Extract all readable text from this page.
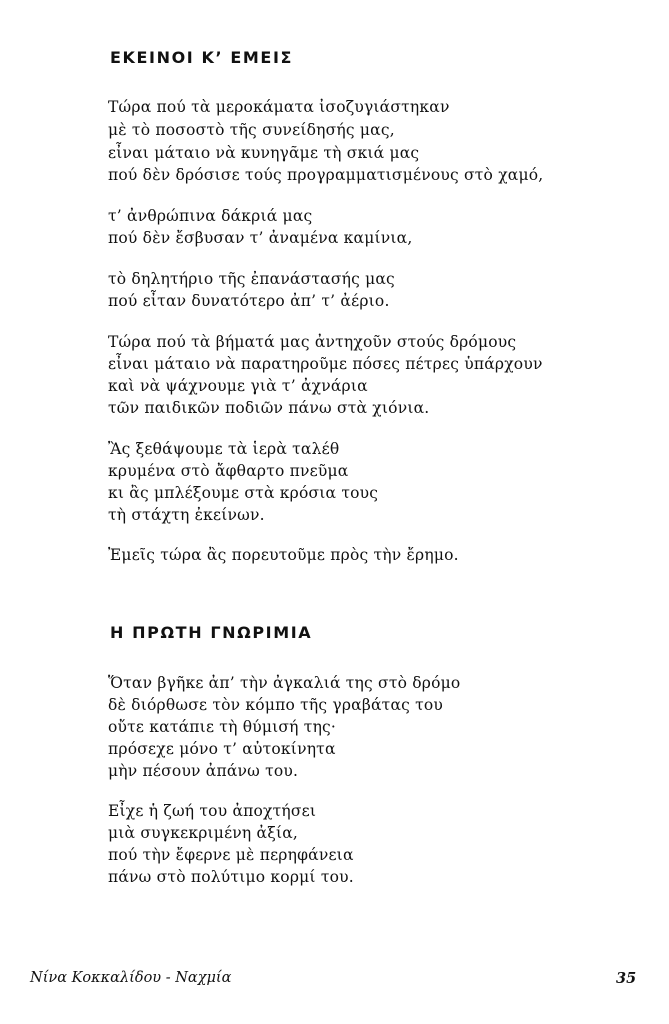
ΕΚΕΙΝΟΙ Κ’ ΕΜΕΙΣ
Τώρα πού τὰ μεροκάματα ἰσοζυγιάστηκαν
μὲ τὸ ποσοστὸ τῆς συνείδησής μας,
εἶναι μάταιο νὰ κυνηγᾶμε τὴ σκιά μας
πού δὲν δρόσισε τούς προγραμματισμένους στὸ χαμό,
τ’ ἀνθρώπινα δάκριά μας
πού δὲν ἔσβυσαν τ’ ἀναμένα καμίνια,
τὸ δηλητήριο τῆς ἐπανάστασής μας
πού εἶταν δυνατότερο ἀπ’ τ’ ἀέριο.
Τώρα πού τὰ βήματά μας ἀντηχοῦν στούς δρόμους
εἶναι μάταιο νὰ παρατηροῦμε πόσες πέτρες ὑπάρχουν
καὶ νὰ ψάχνουμε γιὰ τ’ ἀχνάρια
τῶν παιδικῶν ποδιῶν πάνω στὰ χιόνια.
Ἂς ξεθάψουμε τὰ ἱερὰ ταλέθ
κρυμένα στὸ ἄφθαρτο πνεῦμα
κι ἂς μπλέξουμε στὰ κρόσια τους
τὴ στάχτη ἐκείνων.
Ἐμεῖς τώρα ἂς πορευτοῦμε πρὸς τὴν ἔρημο.
Η ΠΡΩΤΗ ΓΝΩΡΙΜΙΑ
Ὅταν βγῆκε ἀπ’ τὴν ἀγκαλιά της στὸ δρόμο
δὲ διόρθωσε τὸν κόμπο τῆς γραβάτας του
οὔτε κατάπιε τὴ θύμισή της·
πρόσεχε μόνο τ’ αὐτοκίνητα
μὴν πέσουν ἀπάνω του.
Εἶχε ἡ ζωή του ἀποχτήσει
μιὰ συγκεκριμένη ἀξία,
πού τὴν ἔφερνε μὲ περηφάνεια
πάνω στὸ πολύτιμο κορμί του.
Νίνα Κοκκαλίδου - Ναχμία	35
